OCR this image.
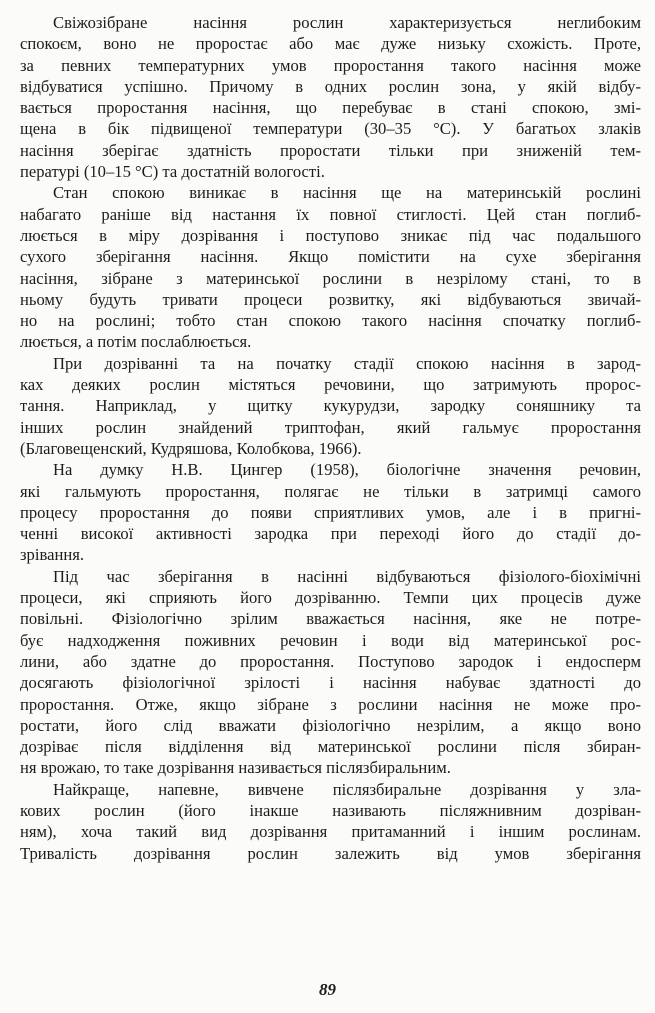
Свіжозібране насіння рослин характеризується неглибоким
спокоєм, воно не проростає або має дуже низьку схожість. Проте,
за певних температурних умов проростання такого насіння може
відбуватися успішно. Причому в одних рослин зона, у якій відбу-
вається проростання насіння, що перебуває в стані спокою, змі-
щена в бік підвищеної температури (30–35 °С). У багатьох злаків
насіння зберігає здатність проростати тільки при зниженій тем-
пературі (10–15 °С) та достатній вологості.
Стан спокою виникає в насіння ще на материнській рослині
набагато раніше від настання їх повної стиглості. Цей стан поглиб-
люється в міру дозрівання і поступово зникає під час подальшого
сухого зберігання насіння. Якщо помістити на сухе зберігання
насіння, зібране з материнської рослини в незрілому стані, то в
ньому будуть тривати процеси розвитку, які відбуваються звичай-
но на рослині; тобто стан спокою такого насіння спочатку поглиб-
люється, а потім послаблюється.
При дозріванні та на початку стадії спокою насіння в зарод-
ках деяких рослин містяться речовини, що затримують пророс-
тання. Наприклад, у щитку кукурудзи, зародку соняшнику та
інших рослин знайдений триптофан, який гальмує проростання
(Благовещенский, Кудряшова, Колобкова, 1966).
На думку Н.В. Цингер (1958), біологічне значення речовин,
які гальмують проростання, полягає не тільки в затримці самого
процесу проростання до появи сприятливих умов, але і в пригні-
ченні високої активності зародка при переході його до стадії до-
зрівання.
Під час зберігання в насінні відбуваються фізіолого-біохімічні
процеси, які сприяють його дозріванню. Темпи цих процесів дуже
повільні. Фізіологічно зрілим вважається насіння, яке не потре-
бує надходження поживних речовин і води від материнської рос-
лини, або здатне до проростання. Поступово зародок і ендосперм
досягають фізіологічної зрілості і насіння набуває здатності до
проростання. Отже, якщо зібране з рослини насіння не може про-
ростати, його слід вважати фізіологічно незрілим, а якщо воно
дозріває після відділення від материнської рослини після збиран-
ня врожаю, то таке дозрівання називається післязбиральним.
Найкраще, напевне, вивчене післязбиральне дозрівання у зла-
кових рослин (його інакше називають післяжнивним дозріван-
ням), хоча такий вид дозрівання притаманний і іншим рослинам.
Тривалість дозрівання рослин залежить від умов зберігання
89
